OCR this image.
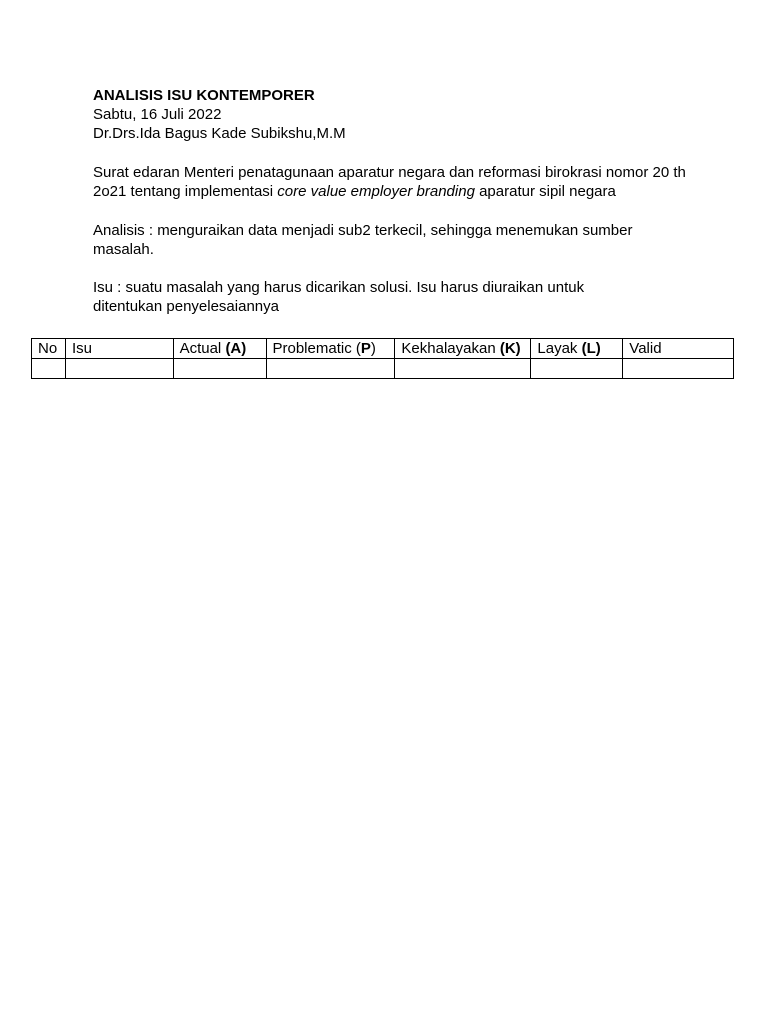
ANALISIS ISU KONTEMPORER
Sabtu, 16 Juli 2022
Dr.Drs.Ida Bagus Kade Subikshu,M.M
Surat edaran Menteri penatagunaan aparatur negara dan reformasi birokrasi nomor 20 th 2o21 tentang implementasi core value employer branding aparatur sipil negara
Analisis : menguraikan data menjadi sub2 terkecil, sehingga menemukan sumber masalah.
Isu : suatu masalah yang harus dicarikan solusi. Isu harus diuraikan untuk ditentukan penyelesaiannya
No	Isu	Actual (A)	Problematic (P)	Kekhalayakan (K)	Layak (L)	Valid
